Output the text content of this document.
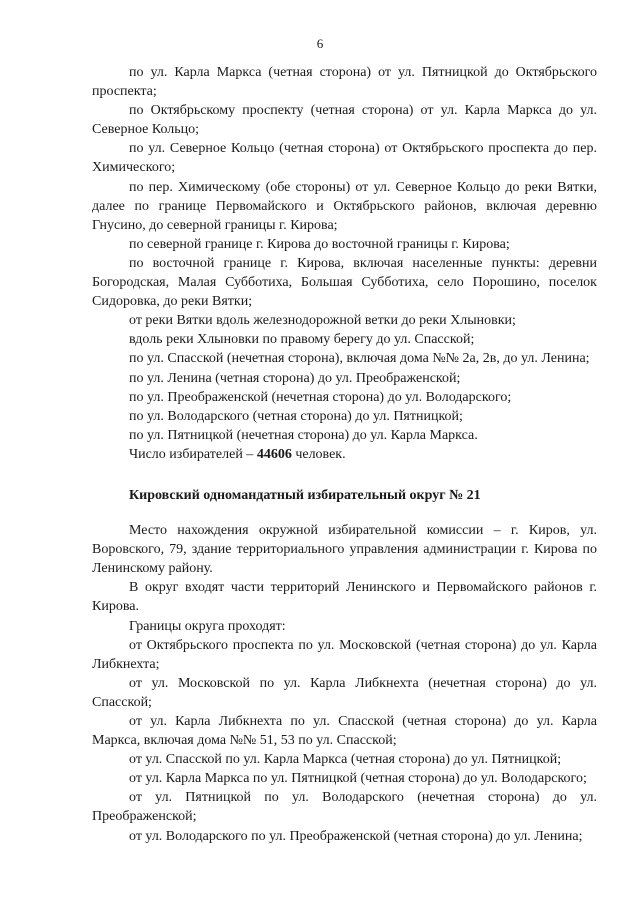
6

по ул. Карла Маркса (четная сторона) от ул. Пятницкой до Октябрьского проспекта;

по Октябрьскому проспекту (четная сторона) от ул. Карла Маркса до ул. Северное Кольцо;

по ул. Северное Кольцо (четная сторона) от Октябрьского проспекта до пер. Химического;

по пер. Химическому (обе стороны) от ул. Северное Кольцо до реки Вятки, далее по границе Первомайского и Октябрьского районов, включая деревню Гнусино, до северной границы г. Кирова;

по северной границе г. Кирова до восточной границы г. Кирова;

по восточной границе г. Кирова, включая населенные пункты: деревни Богородская, Малая Субботиха, Большая Субботиха, село Порошино, поселок Сидоровка, до реки Вятки;

от реки Вятки вдоль железнодорожной ветки до реки Хлыновки;

вдоль реки Хлыновки по правому берегу до ул. Спасской;

по ул. Спасской (нечетная сторона), включая дома №№ 2а, 2в, до ул. Ленина;

по ул. Ленина (четная сторона) до ул. Преображенской;

по ул. Преображенской (нечетная сторона) до ул. Володарского;

по ул. Володарского (четная сторона) до ул. Пятницкой;

по ул. Пятницкой (нечетная сторона) до ул. Карла Маркса.

Число избирателей – 44606 человек.

Кировский одномандатный избирательный округ № 21

Место нахождения окружной избирательной комиссии – г. Киров, ул. Воровского, 79, здание территориального управления администрации г. Кирова по Ленинскому району.

В округ входят части территорий Ленинского и Первомайского районов г. Кирова.

Границы округа проходят:

от Октябрьского проспекта по ул. Московской (четная сторона) до ул. Карла Либкнехта;

от ул. Московской по ул. Карла Либкнехта (нечетная сторона) до ул. Спасской;

от ул. Карла Либкнехта по ул. Спасской (четная сторона) до ул. Карла Маркса, включая дома №№ 51, 53 по ул. Спасской;

от ул. Спасской по ул. Карла Маркса (четная сторона) до ул. Пятницкой;

от ул. Карла Маркса по ул. Пятницкой (четная сторона) до ул. Володарского;

от ул. Пятницкой по ул. Володарского (нечетная сторона) до ул. Преображенской;

от ул. Володарского по ул. Преображенской (четная сторона) до ул. Ленина;
